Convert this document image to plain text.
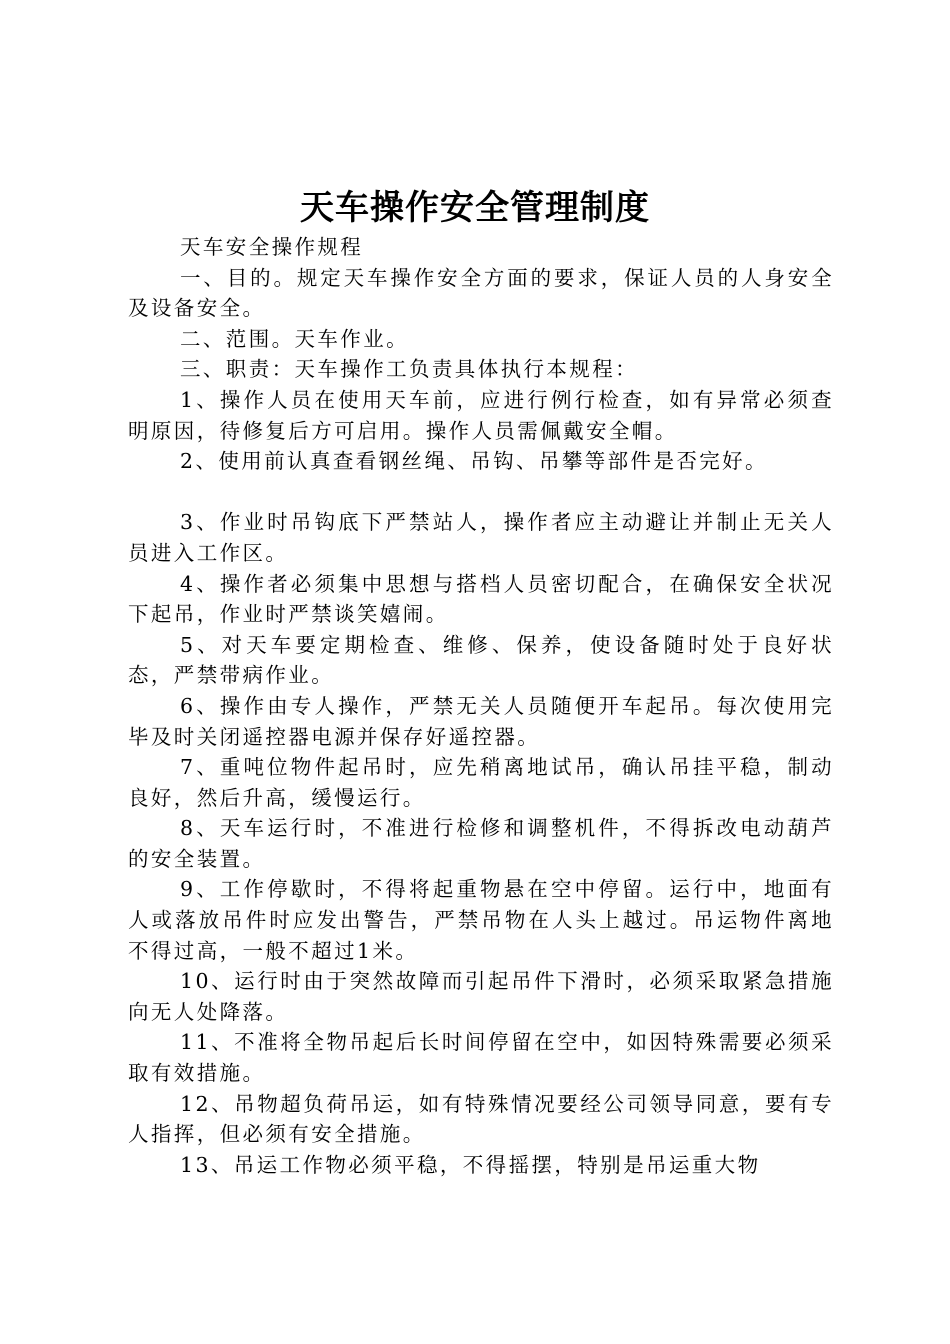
天车操作安全管理制度

天车安全操作规程

一、目的。规定天车操作安全方面的要求，保证人员的人身安全及设备安全。

二、范围。天车作业。

三、职责：天车操作工负责具体执行本规程：

1、操作人员在使用天车前，应进行例行检查，如有异常必须查明原因，待修复后方可启用。操作人员需佩戴安全帽。

2、使用前认真查看钢丝绳、吊钩、吊攀等部件是否完好。

3、作业时吊钩底下严禁站人，操作者应主动避让并制止无关人员进入工作区。

4、操作者必须集中思想与搭档人员密切配合，在确保安全状况下起吊，作业时严禁谈笑嬉闹。

5、对天车要定期检查、维修、保养，使设备随时处于良好状态，严禁带病作业。

6、操作由专人操作，严禁无关人员随便开车起吊。每次使用完毕及时关闭遥控器电源并保存好遥控器。

7、重吨位物件起吊时，应先稍离地试吊，确认吊挂平稳，制动良好，然后升高，缓慢运行。

8、天车运行时，不准进行检修和调整机件，不得拆改电动葫芦的安全装置。

9、工作停歇时，不得将起重物悬在空中停留。运行中，地面有人或落放吊件时应发出警告，严禁吊物在人头上越过。吊运物件离地不得过高，一般不超过1米。

10、运行时由于突然故障而引起吊件下滑时，必须采取紧急措施向无人处降落。

11、不准将全物吊起后长时间停留在空中，如因特殊需要必须采取有效措施。

12、吊物超负荷吊运，如有特殊情况要经公司领导同意，要有专人指挥，但必须有安全措施。

13、吊运工作物必须平稳，不得摇摆，特别是吊运重大物
